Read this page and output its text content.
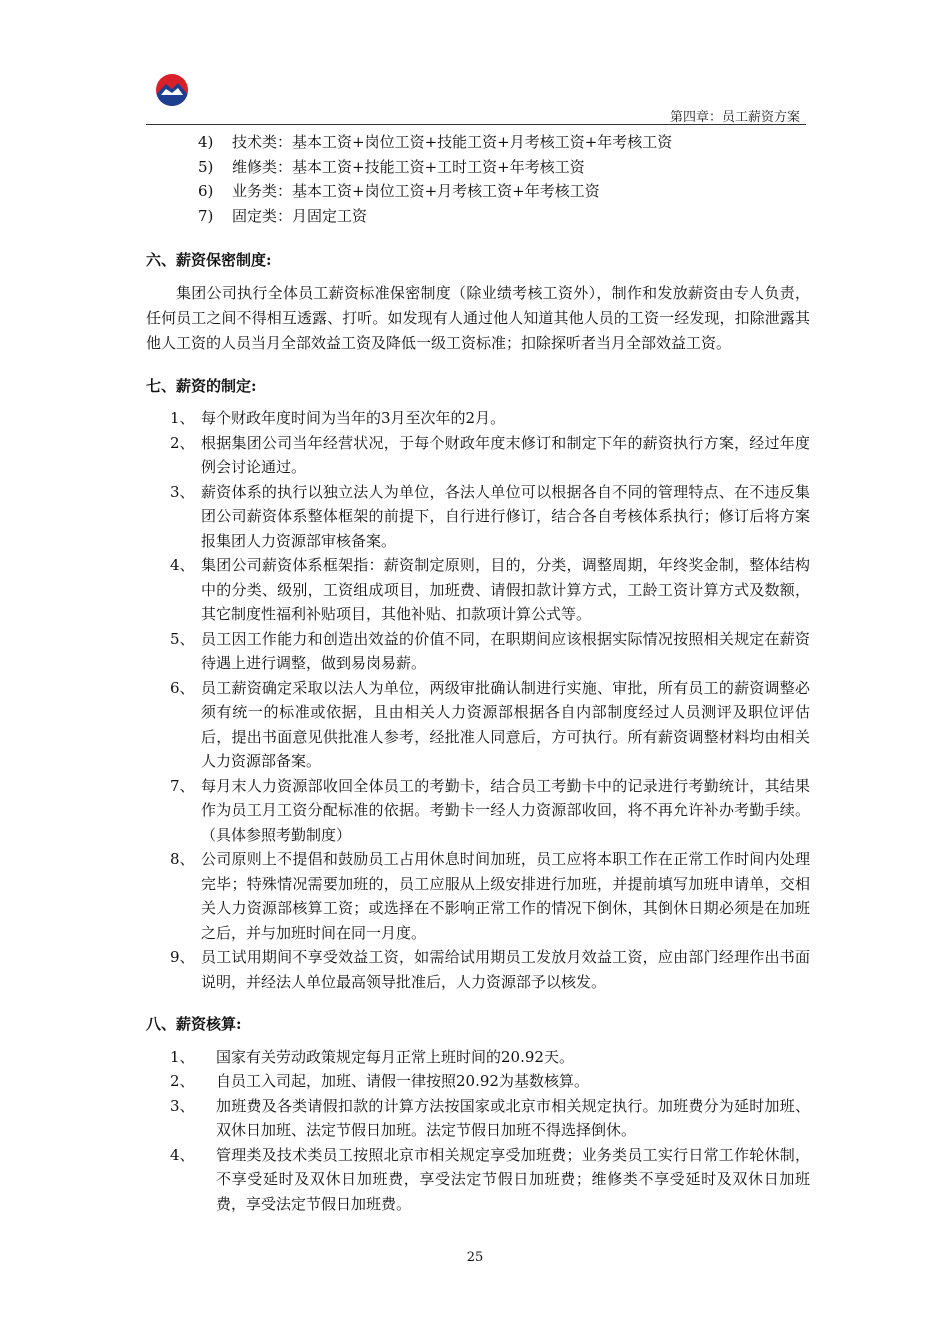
第四章：员工薪资方案
4)	技术类：基本工资+岗位工资+技能工资+月考核工资+年考核工资
5)	维修类：基本工资+技能工资+工时工资+年考核工资
6)	业务类：基本工资+岗位工资+月考核工资+年考核工资
7)	固定类：月固定工资
六、薪资保密制度:

集团公司执行全体员工薪资标准保密制度（除业绩考核工资外），制作和发放薪资由专人负责，任何员工之间不得相互透露、打听。如发现有人通过他人知道其他人员的工资一经发现，扣除泄露其他人工资的人员当月全部效益工资及降低一级工资标准；扣除探听者当月全部效益工资。

七、薪资的制定:
1、 每个财政年度时间为当年的3月至次年的2月。
2、 根据集团公司当年经营状况，于每个财政年度末修订和制定下年的薪资执行方案，经过年度例会讨论通过。
3、 薪资体系的执行以独立法人为单位，各法人单位可以根据各自不同的管理特点、在不违反集团公司薪资体系整体框架的前提下，自行进行修订，结合各自考核体系执行；修订后将方案报集团人力资源部审核备案。
4、 集团公司薪资体系框架指：薪资制定原则，目的，分类，调整周期，年终奖金制，整体结构中的分类、级别，工资组成项目，加班费、请假扣款计算方式，工龄工资计算方式及数额，其它制度性福利补贴项目，其他补贴、扣款项计算公式等。
5、 员工因工作能力和创造出效益的价值不同，在职期间应该根据实际情况按照相关规定在薪资待遇上进行调整，做到易岗易薪。
6、 员工薪资确定采取以法人为单位，两级审批确认制进行实施、审批，所有员工的薪资调整必须有统一的标准或依据，且由相关人力资源部根据各自内部制度经过人员测评及职位评估后，提出书面意见供批准人参考，经批准人同意后，方可执行。所有薪资调整材料均由相关人力资源部备案。
7、 每月末人力资源部收回全体员工的考勤卡，结合员工考勤卡中的记录进行考勤统计，其结果作为员工月工资分配标准的依据。考勤卡一经人力资源部收回，将不再允许补办考勤手续。（具体参照考勤制度）
8、 公司原则上不提倡和鼓励员工占用休息时间加班，员工应将本职工作在正常工作时间内处理完毕；特殊情况需要加班的，员工应服从上级安排进行加班，并提前填写加班申请单，交相关人力资源部核算工资；或选择在不影响正常工作的情况下倒休，其倒休日期必须是在加班之后，并与加班时间在同一月度。
9、 员工试用期间不享受效益工资，如需给试用期员工发放月效益工资，应由部门经理作出书面说明，并经法人单位最高领导批准后，人力资源部予以核发。
八、薪资核算:
1、	国家有关劳动政策规定每月正常上班时间的20.92天。
2、	自员工入司起，加班、请假一律按照20.92为基数核算。
3、	加班费及各类请假扣款的计算方法按国家或北京市相关规定执行。加班费分为延时加班、双休日加班、法定节假日加班。法定节假日加班不得选择倒休。
4、	管理类及技术类员工按照北京市相关规定享受加班费；业务类员工实行日常工作轮休制，不享受延时及双休日加班费，享受法定节假日加班费；维修类不享受延时及双休日加班费，享受法定节假日加班费。
25
